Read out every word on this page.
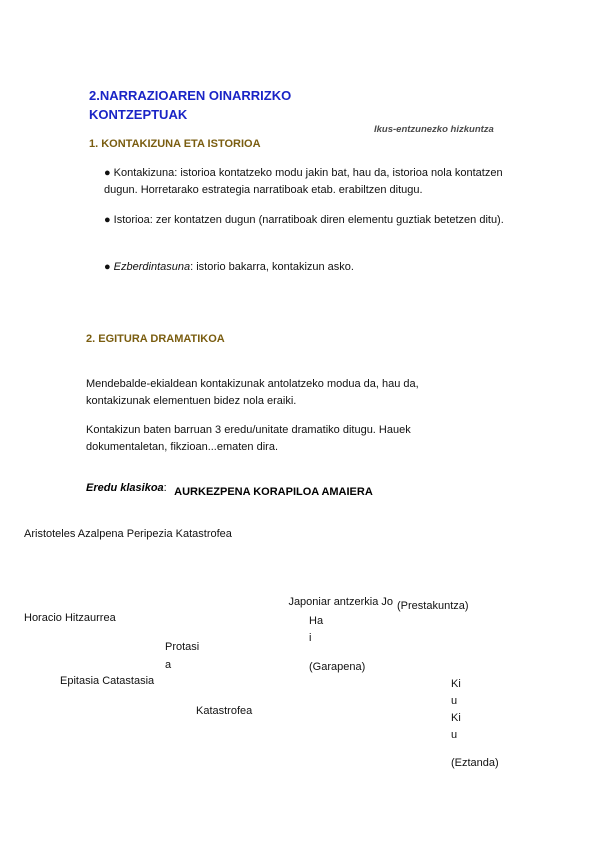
2.NARRAZIOAREN OINARRIZKO KONTZEPTUAK
Ikus-entzunezko hizkuntza
1. KONTAKIZUNA ETA ISTORIOA
● Kontakizuna: istorioa kontatzeko modu jakin bat, hau da, istorioa nola kontatzen dugun. Horretarako estrategia narratiboak etab. erabiltzen ditugu.
● Istorioa: zer kontatzen dugun (narratiboak diren elementu guztiak betetzen ditu).
● Ezberdintasuna: istorio bakarra, kontakizun asko.
2. EGITURA DRAMATIKOA
Mendebalde-ekialdean kontakizunak antolatzeko modua da, hau da, kontakizunak elementuen bidez nola eraiki.
Kontakizun baten barruan 3 eredu/unitate dramatiko ditugu. Hauek dokumentaletan, fikzioan...ematen dira.
Eredu klasikoa: $_{AURKEZPENA KORAPILOA AMAIERA}$
Aristoteles Azalpena Peripezia Katastrofea
Horacio Hitzaurrea
Protasi
a
Epitasia Catastasia
Katastrofea
Japoniar antzerkia Jo (Prestakuntza)
Ha
i
(Garapena)
Ki
u
Ki
u
(Eztanda)
